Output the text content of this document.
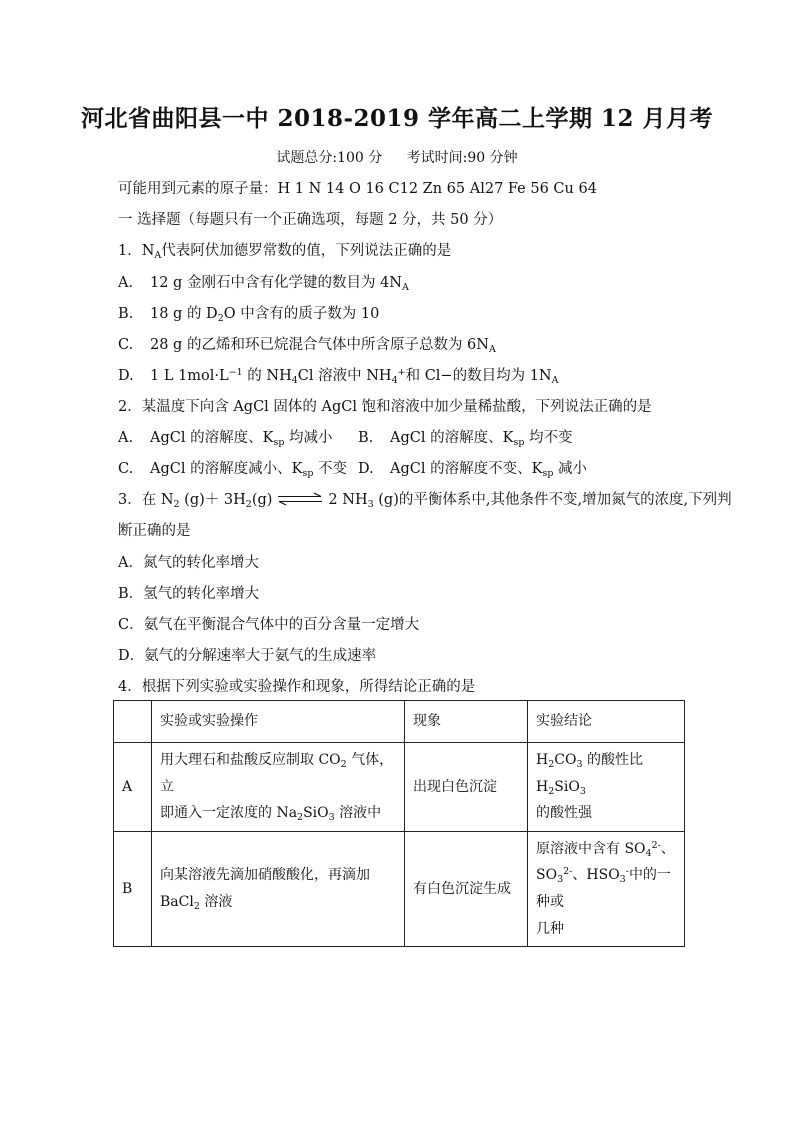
河北省曲阳县一中 2018-2019 学年高二上学期 12 月月考
试题总分:100 分 考试时间:90 分钟
可能用到元素的原子量：H 1 N 14 O 16 C12 Zn 65 Al27 Fe 56 Cu 64
一 选择题（每题只有一个正确选项，每题 2 分，共 50 分）
1．$N_A$代表阿伏加德罗常数的值，下列说法正确的是
A. 12 g 金刚石中含有化学键的数目为 $4N_A$
B. 18 g 的 $D_2O$ 中含有的质子数为 10
C. 28 g 的乙烯和环已烷混合气体中所含原子总数为 $6N_A$
D. 1 L $1mol\cdot L^{-1}$ 的 $NH_4Cl$ 溶液中 $NH_4^+$和 Cl−的数目均为 $1N_A$
2．某温度下向含 AgCl 固体的 AgCl 饱和溶液中加少量稀盐酸，下列说法正确的是
A. AgCl 的溶解度、$K_{sp}$ 均减小 B. AgCl 的溶解度、$K_{sp}$ 均不变
C. AgCl 的溶解度减小、$K_{sp}$ 不变 D. AgCl 的溶解度不变、$K_{sp}$ 减小
3．在 $N_2$ $(g)+ 3H_2(g)$ ⇌ 2 $NH_3$ (g)的平衡体系中,其他条件不变,增加氮气的浓度,下列判
断正确的是
A．氮气的转化率增大
B．氢气的转化率增大
C．氨气在平衡混合气体中的百分含量一定增大
D．氨气的分解速率大于氨气的生成速率
4．根据下列实验或实验操作和现象，所得结论正确的是
	实验或实验操作	现象	实验结论
A	用大理石和盐酸反应制取 $CO_2$ 气体，立
即通入一定浓度的 $Na_2SiO_3$ 溶液中	出现白色沉淀	$H_2CO_3$ 的酸性比 $H_2SiO_3$
的酸性强
B	向某溶液先滴加硝酸酸化，再滴加
BaCl$_2$ 溶液	有白色沉淀生成	原溶液中含有 $SO_4^{2-}$、
$SO_3^{2-}$、$HSO_3^-$中的一种或
几种
